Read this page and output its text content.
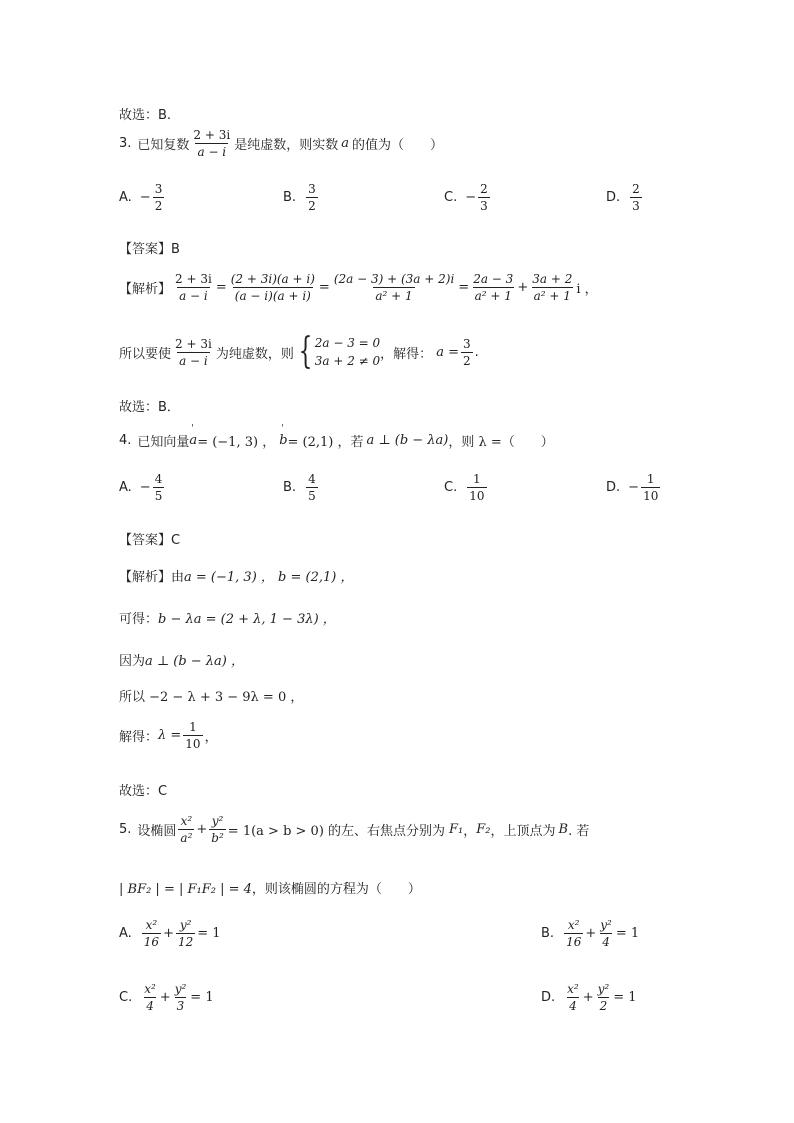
故选：B.
3. 已知复数 $\frac{2 + 3i}{a - i}$ 是纯虚数，则实数 a 的值为（　　）
A. − $\frac{3}{2}$	B. $\frac{3}{2}$	C. − $\frac{2}{3}$	D. $\frac{2}{3}$
【答案】B
【解析】 $\frac{2 + 3i}{a - i} = \frac{(2 + 3i)(a + i)}{(a - i)(a + i)} = \frac{(2a - 3) + (3a + 2)i}{\text{a² + 1}} = \frac{2a - 3}{\text{a² + 1}} + \frac{3a + 2}{\text{a² + 1}}$ i ，
所以要使 $\frac{2 + 3i}{a - i}$ 为纯虚数，则 { 2a − 3 = 0
3a + 2 ≠ 0 ，解得： $a = \frac{3}{2}$ .
故选：B．
4. 已知向量 ' a = (−1, 3) ， ' b = (2,1) ，若 a ⊥ (b − λa) ，则 λ =（　　）
A. − $\frac{4}{5}$	B. $\frac{4}{5}$	C. $\frac{1}{10}$	D. − $\frac{1}{10}$
【答案】C
【解析】由a = (−1, 3) ， b = (2,1) ，
可得：b − λa = (2 + λ, 1 − 3λ) ，
因为a ⊥ (b − λa) ，
所以 −2 − λ + 3 − 9λ = 0 ，
解得： $\lambda = \frac{1}{10}$ ，
故选：C
5. 设椭圆 $\frac{\text{x²}}{\text{a²}} + \frac{\text{y²}}{\text{b²}} = 1(a > b > 0)$ 的左、右焦点分别为 F₁ ， F₂ ，上顶点为 B . 若
| BF₂ | = | F₁F₂ | = 4，则该椭圆的方程为（　　）
A. $\frac{\text{x²}}{16} + \frac{\text{y²}}{12} = 1$	B. $\frac{\text{x²}}{16} + \frac{\text{y²}}{4} = 1$
C. $\frac{\text{x²}}{4} + \frac{\text{y²}}{3} = 1$	D. $\frac{\text{x²}}{4} + \frac{\text{y²}}{2} = 1$
